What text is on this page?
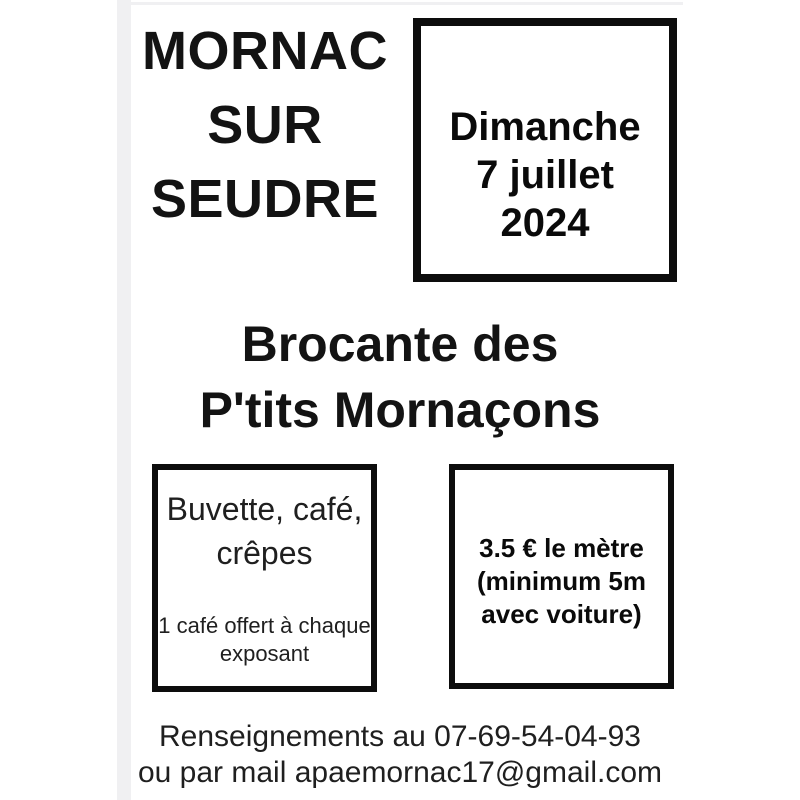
MORNAC
SUR
SEUDRE
Dimanche
7 juillet
2024
Brocante des
P'tits Mornaçons
Buvette, café,
crêpes
1 café offert à chaque
exposant
3.5 € le mètre
(minimum 5m
avec voiture)
Renseignements au 07-69-54-04-93
ou par mail apaemornac17@gmail.com
